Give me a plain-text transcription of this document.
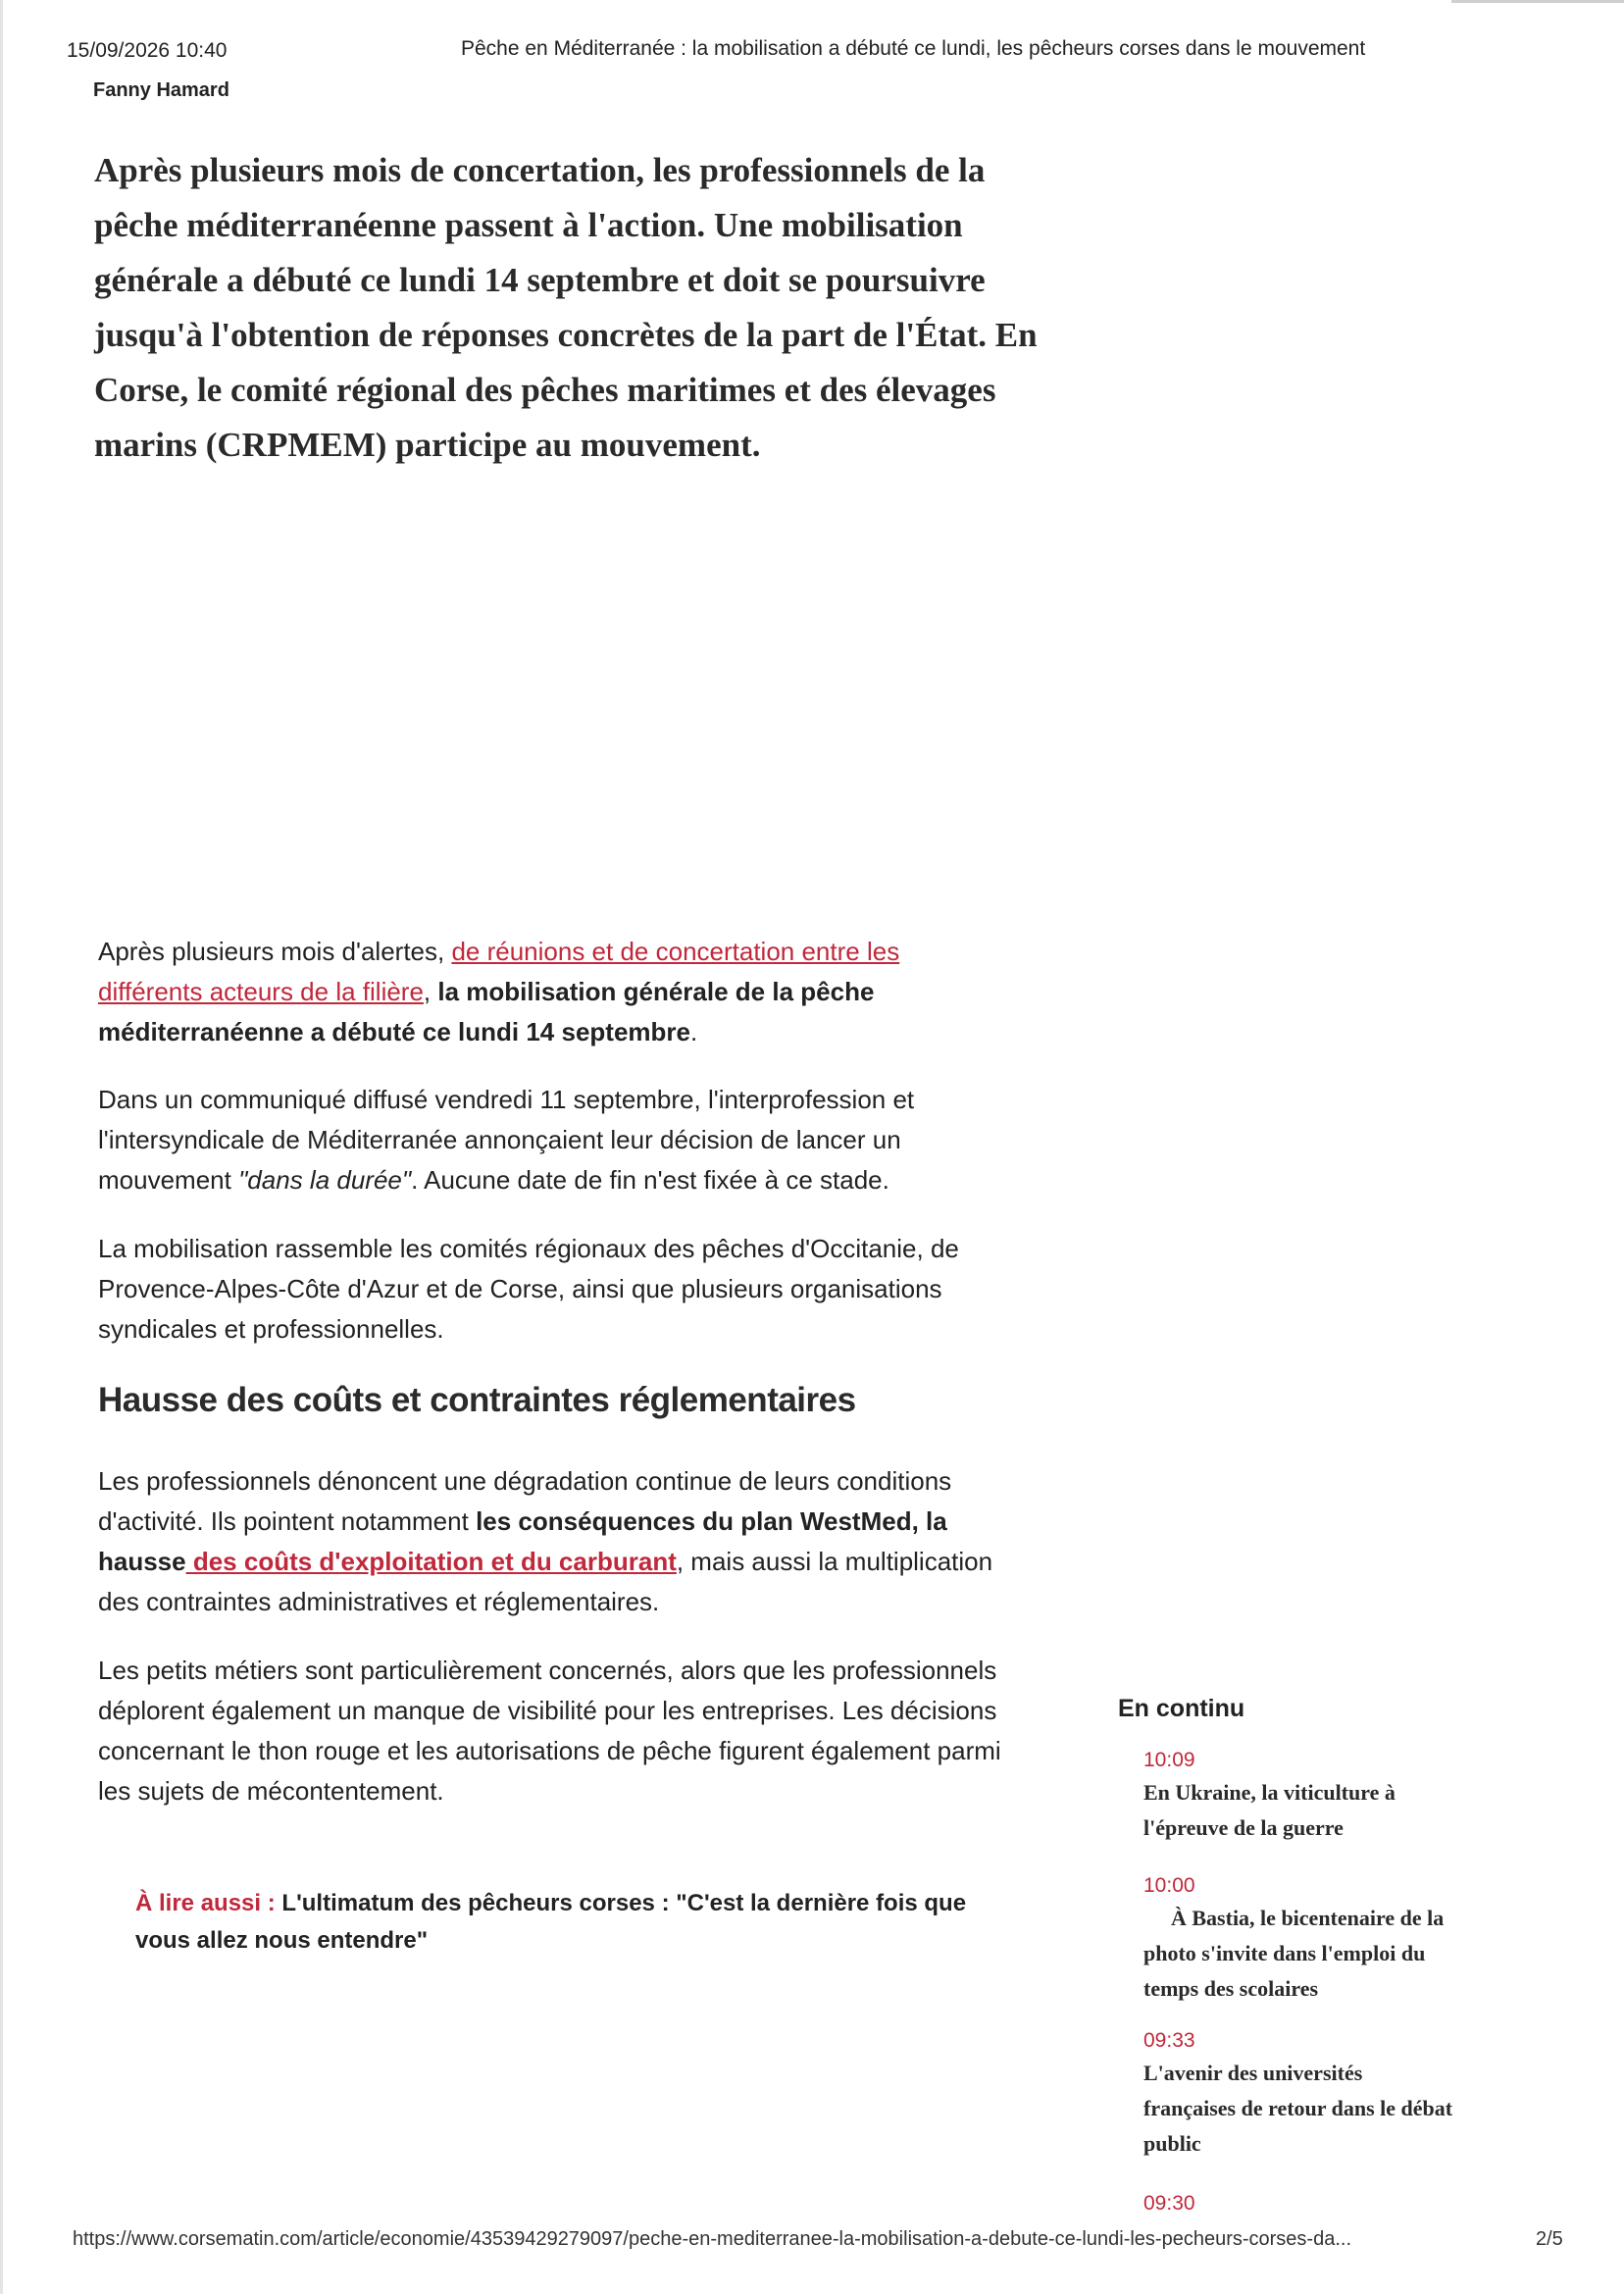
15/09/2026 10:40	Pêche en Méditerranée : la mobilisation a débuté ce lundi, les pêcheurs corses dans le mouvement
Fanny Hamard
Après plusieurs mois de concertation, les professionnels de la pêche méditerranéenne passent à l'action. Une mobilisation générale a débuté ce lundi 14 septembre et doit se poursuivre jusqu'à l'obtention de réponses concrètes de la part de l'État. En Corse, le comité régional des pêches maritimes et des élevages marins (CRPMEM) participe au mouvement.
Après plusieurs mois d'alertes, de réunions et de concertation entre les différents acteurs de la filière, la mobilisation générale de la pêche méditerranéenne a débuté ce lundi 14 septembre.
Dans un communiqué diffusé vendredi 11 septembre, l'interprofession et l'intersyndicale de Méditerranée annonçaient leur décision de lancer un mouvement "dans la durée". Aucune date de fin n'est fixée à ce stade.
La mobilisation rassemble les comités régionaux des pêches d'Occitanie, de Provence-Alpes-Côte d'Azur et de Corse, ainsi que plusieurs organisations syndicales et professionnelles.
Hausse des coûts et contraintes réglementaires
Les professionnels dénoncent une dégradation continue de leurs conditions d'activité. Ils pointent notamment les conséquences du plan WestMed, la hausse des coûts d'exploitation et du carburant, mais aussi la multiplication des contraintes administratives et réglementaires.
Les petits métiers sont particulièrement concernés, alors que les professionnels déplorent également un manque de visibilité pour les entreprises. Les décisions concernant le thon rouge et les autorisations de pêche figurent également parmi les sujets de mécontentement.
À lire aussi : L'ultimatum des pêcheurs corses : "C'est la dernière fois que vous allez nous entendre"
En continu
10:09
En Ukraine, la viticulture à l'épreuve de la guerre
10:00
À Bastia, le bicentenaire de la photo s'invite dans l'emploi du temps des scolaires
09:33
L'avenir des universités françaises de retour dans le débat public
09:30
https://www.corsematin.com/article/economie/43539429279097/peche-en-mediterranee-la-mobilisation-a-debute-ce-lundi-les-pecheurs-corses-da...	2/5
